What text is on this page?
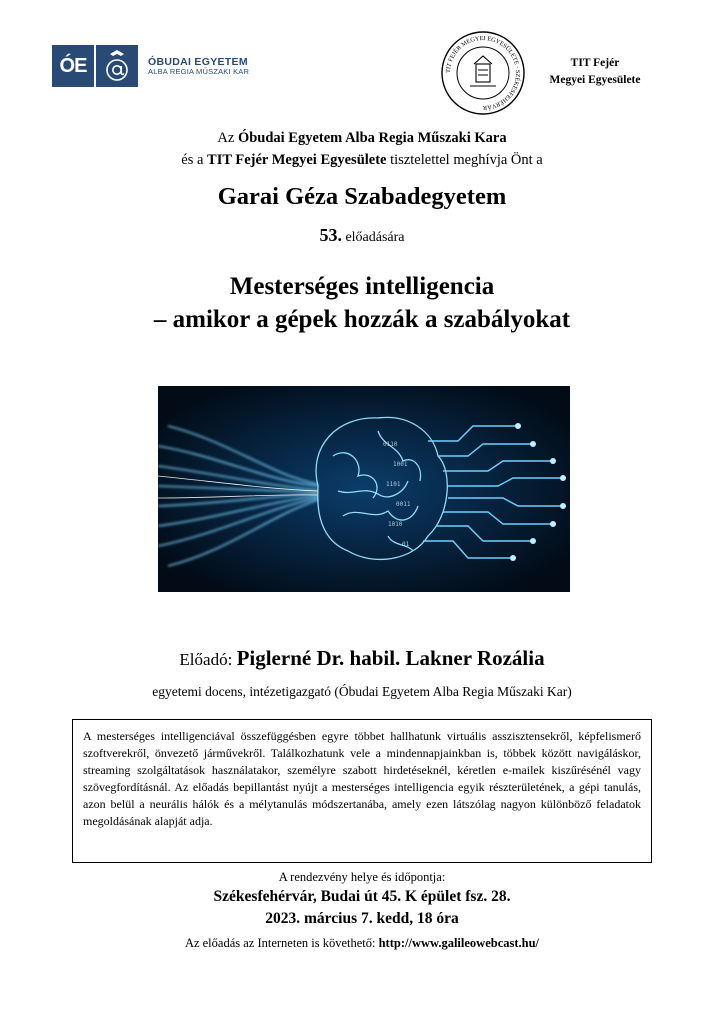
ÓE	ÓBUDAI EGYETEM
ALBA REGIA MŰSZAKI KAR	TIT FEJÉR MEGYEI EGYESÜLETE · SZÉKESFEHÉRVÁR
TIT Fejér
Megyei Egyesülete
Az Óbudai Egyetem Alba Regia Műszaki Kara
és a TIT Fejér Megyei Egyesülete tisztelettel meghívja Önt a
Garai Géza Szabadegyetem
53. előadására
Mesterséges intelligencia
– amikor a gépek hozzák a szabályokat
0110
1001
1101
0011
1010
01
Előadó: Piglerné Dr. habil. Lakner Rozália
egyetemi docens, intézetigazgató (Óbudai Egyetem Alba Regia Műszaki Kar)
A mesterséges intelligenciával összefüggésben egyre többet hallhatunk virtuális asszisztensekről, képfelismerő szoftverekről, önvezető járművekről. Találkozhatunk vele a mindennapjainkban is, többek között navigáláskor, streaming szolgáltatások használatakor, személyre szabott hirdetéseknél, kéretlen e-mailek kiszűrésénél vagy szövegfordításnál. Az előadás bepillantást nyújt a mesterséges intelligencia egyik részterületének, a gépi tanulás, azon belül a neurális hálók és a mélytanulás módszertanába, amely ezen látszólag nagyon különböző feladatok megoldásának alapját adja.
A rendezvény helye és időpontja:
Székesfehérvár, Budai út 45. K épület fsz. 28.
2023. március 7. kedd, 18 óra
Az előadás az Interneten is követhető: http://www.galileowebcast.hu/
